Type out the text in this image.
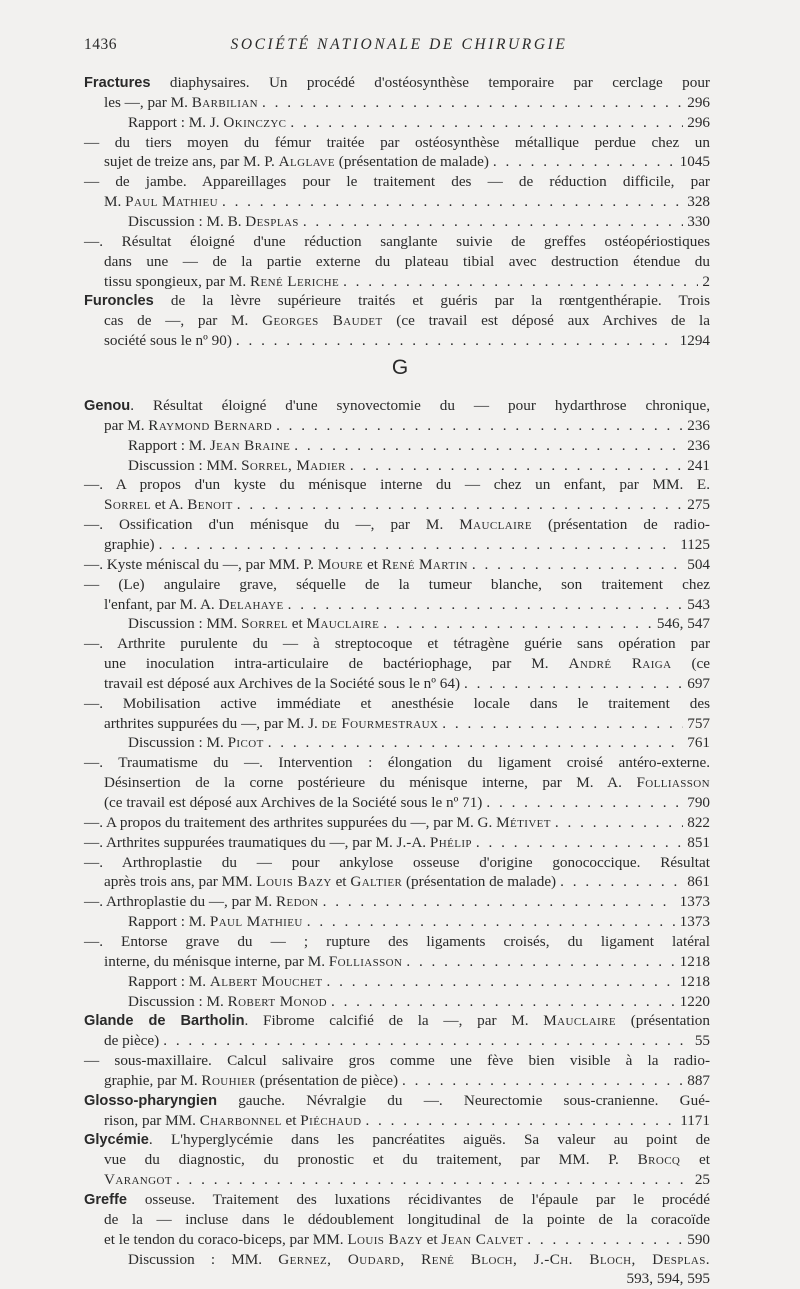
1436	SOCIÉTÉ NATIONALE DE CHIRURGIE
G
Fractures diaphysaires. Un procédé d'ostéosynthèse temporaire par cerclage pour
les —, par M. Barbilian . . .	296
Rapport : M. J. Okinczyc . . .	296
— du tiers moyen du fémur traitée par ostéosynthèse métallique perdue chez un
sujet de treize ans, par M. P. Alglave (présentation de malade) . . .	1045
— de jambe. Appareillages pour le traitement des — de réduction difficile, par
M. Paul Mathieu . . .	328
Discussion : M. B. Desplas . . .	330
—. Résultat éloigné d'une réduction sanglante suivie de greffes ostéopériostiques
dans une — de la partie externe du plateau tibial avec destruction étendue du
tissu spongieux, par M. René Leriche . . .	2
Furoncles de la lèvre supérieure traités et guéris par la rœntgenthérapie. Trois
cas de —, par M. Georges Baudet (ce travail est déposé aux Archives de la
société sous le nº 90) . . .	1294
Genou. Résultat éloigné d'une synovectomie du — pour hydarthrose chronique,
par M. Raymond Bernard . . .	236
Rapport : M. Jean Braine . . .	236
Discussion : MM. Sorrel, Madier . . .	241
—. A propos d'un kyste du ménisque interne du — chez un enfant, par MM. E.
Sorrel et A. Benoit . . .	275
—. Ossification d'un ménisque du —, par M. Mauclaire (présentation de radio-
graphie) . . .	1125
—. Kyste méniscal du —, par MM. P. Moure et René Martin . . .	504
— (Le) angulaire grave, séquelle de la tumeur blanche, son traitement chez
l'enfant, par M. A. Delahaye . . .	543
Discussion : MM. Sorrel et Mauclaire . . .	546, 547
—. Arthrite purulente du — à streptocoque et tétragène guérie sans opération par
une inoculation intra-articulaire de bactériophage, par M. André Raiga (ce
travail est déposé aux Archives de la Société sous le nº 64) . . .	697
—. Mobilisation active immédiate et anesthésie locale dans le traitement des
arthrites suppurées du —, par M. J. de Fourmestraux . . .	757
Discussion : M. Picot . . .	761
—. Traumatisme du —. Intervention : élongation du ligament croisé antéro-externe.
Désinsertion de la corne postérieure du ménisque interne, par M. A. Folliasson
(ce travail est déposé aux Archives de la Société sous le nº 71) . . .	790
—. A propos du traitement des arthrites suppurées du —, par M. G. Métivet . . .	822
—. Arthrites suppurées traumatiques du —, par M. J.-A. Phélip . . .	851
—. Arthroplastie du — pour ankylose osseuse d'origine gonococcique. Résultat
après trois ans, par MM. Louis Bazy et Galtier (présentation de malade) . . .	861
—. Arthroplastie du —, par M. Redon . . .	1373
Rapport : M. Paul Mathieu . . .	1373
—. Entorse grave du — ; rupture des ligaments croisés, du ligament latéral
interne, du ménisque interne, par M. Folliasson . . .	1218
Rapport : M. Albert Mouchet . . .	1218
Discussion : M. Robert Monod . . .	1220
Glande de Bartholin. Fibrome calcifié de la —, par M. Mauclaire (présentation
de pièce) . . .	55
— sous-maxillaire. Calcul salivaire gros comme une fève bien visible à la radio-
graphie, par M. Rouhier (présentation de pièce) . . .	887
Glosso-pharyngien gauche. Névralgie du —. Neurectomie sous-cranienne. Gué-
rison, par MM. Charbonnel et Piéchaud . . .	1171
Glycémie. L'hyperglycémie dans les pancréatites aiguës. Sa valeur au point de
vue du diagnostic, du pronostic et du traitement, par MM. P. Brocq et
Varangot . . .	25
Greffe osseuse. Traitement des luxations récidivantes de l'épaule par le procédé
de la — incluse dans le dédoublement longitudinal de la pointe de la coracoïde
et le tendon du coraco-biceps, par MM. Louis Bazy et Jean Calvet . . .	590
Discussion : MM. Gernez, Oudard, René Bloch, J.-Ch. Bloch, Desplas.
593, 594, 595
